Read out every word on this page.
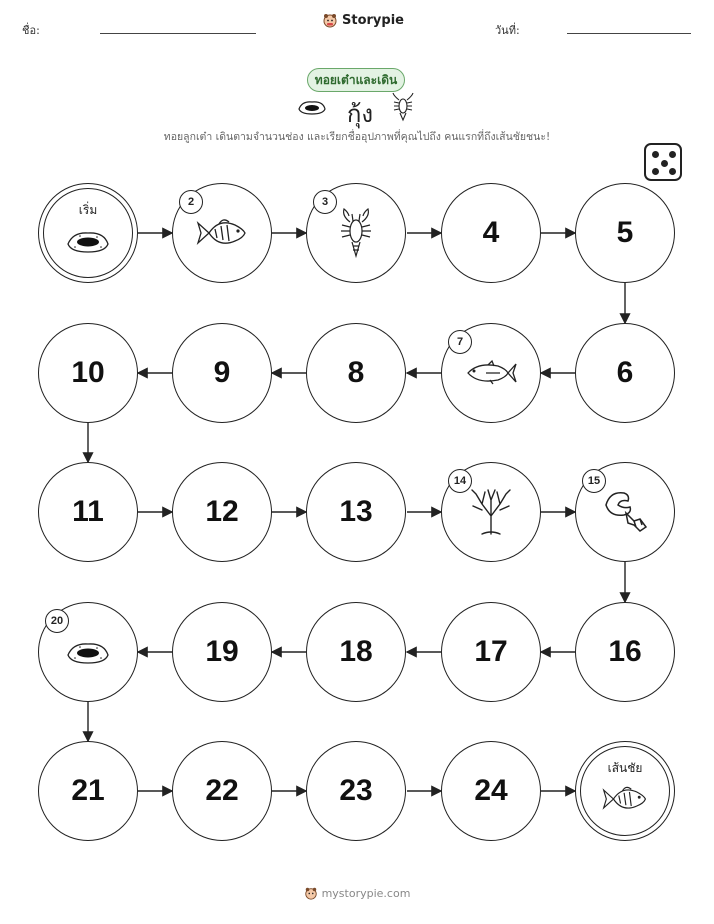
ชื่อ:
Storypie
วันที่:
ทอยเต๋าและเดิน
กุ้ง
ทอยลูกเต๋า เดินตามจำนวนช่อง และเรียกชื่ออุปภาพที่คุณไปถึง คนแรกที่ถึงเส้นชัยชนะ!
เริ่ม
2	3
4	5
6
7
8
9
10
11	12	13
14	15
16
17
18
19
20
21	22	23	24
เส้นชัย
mystorypie.com
